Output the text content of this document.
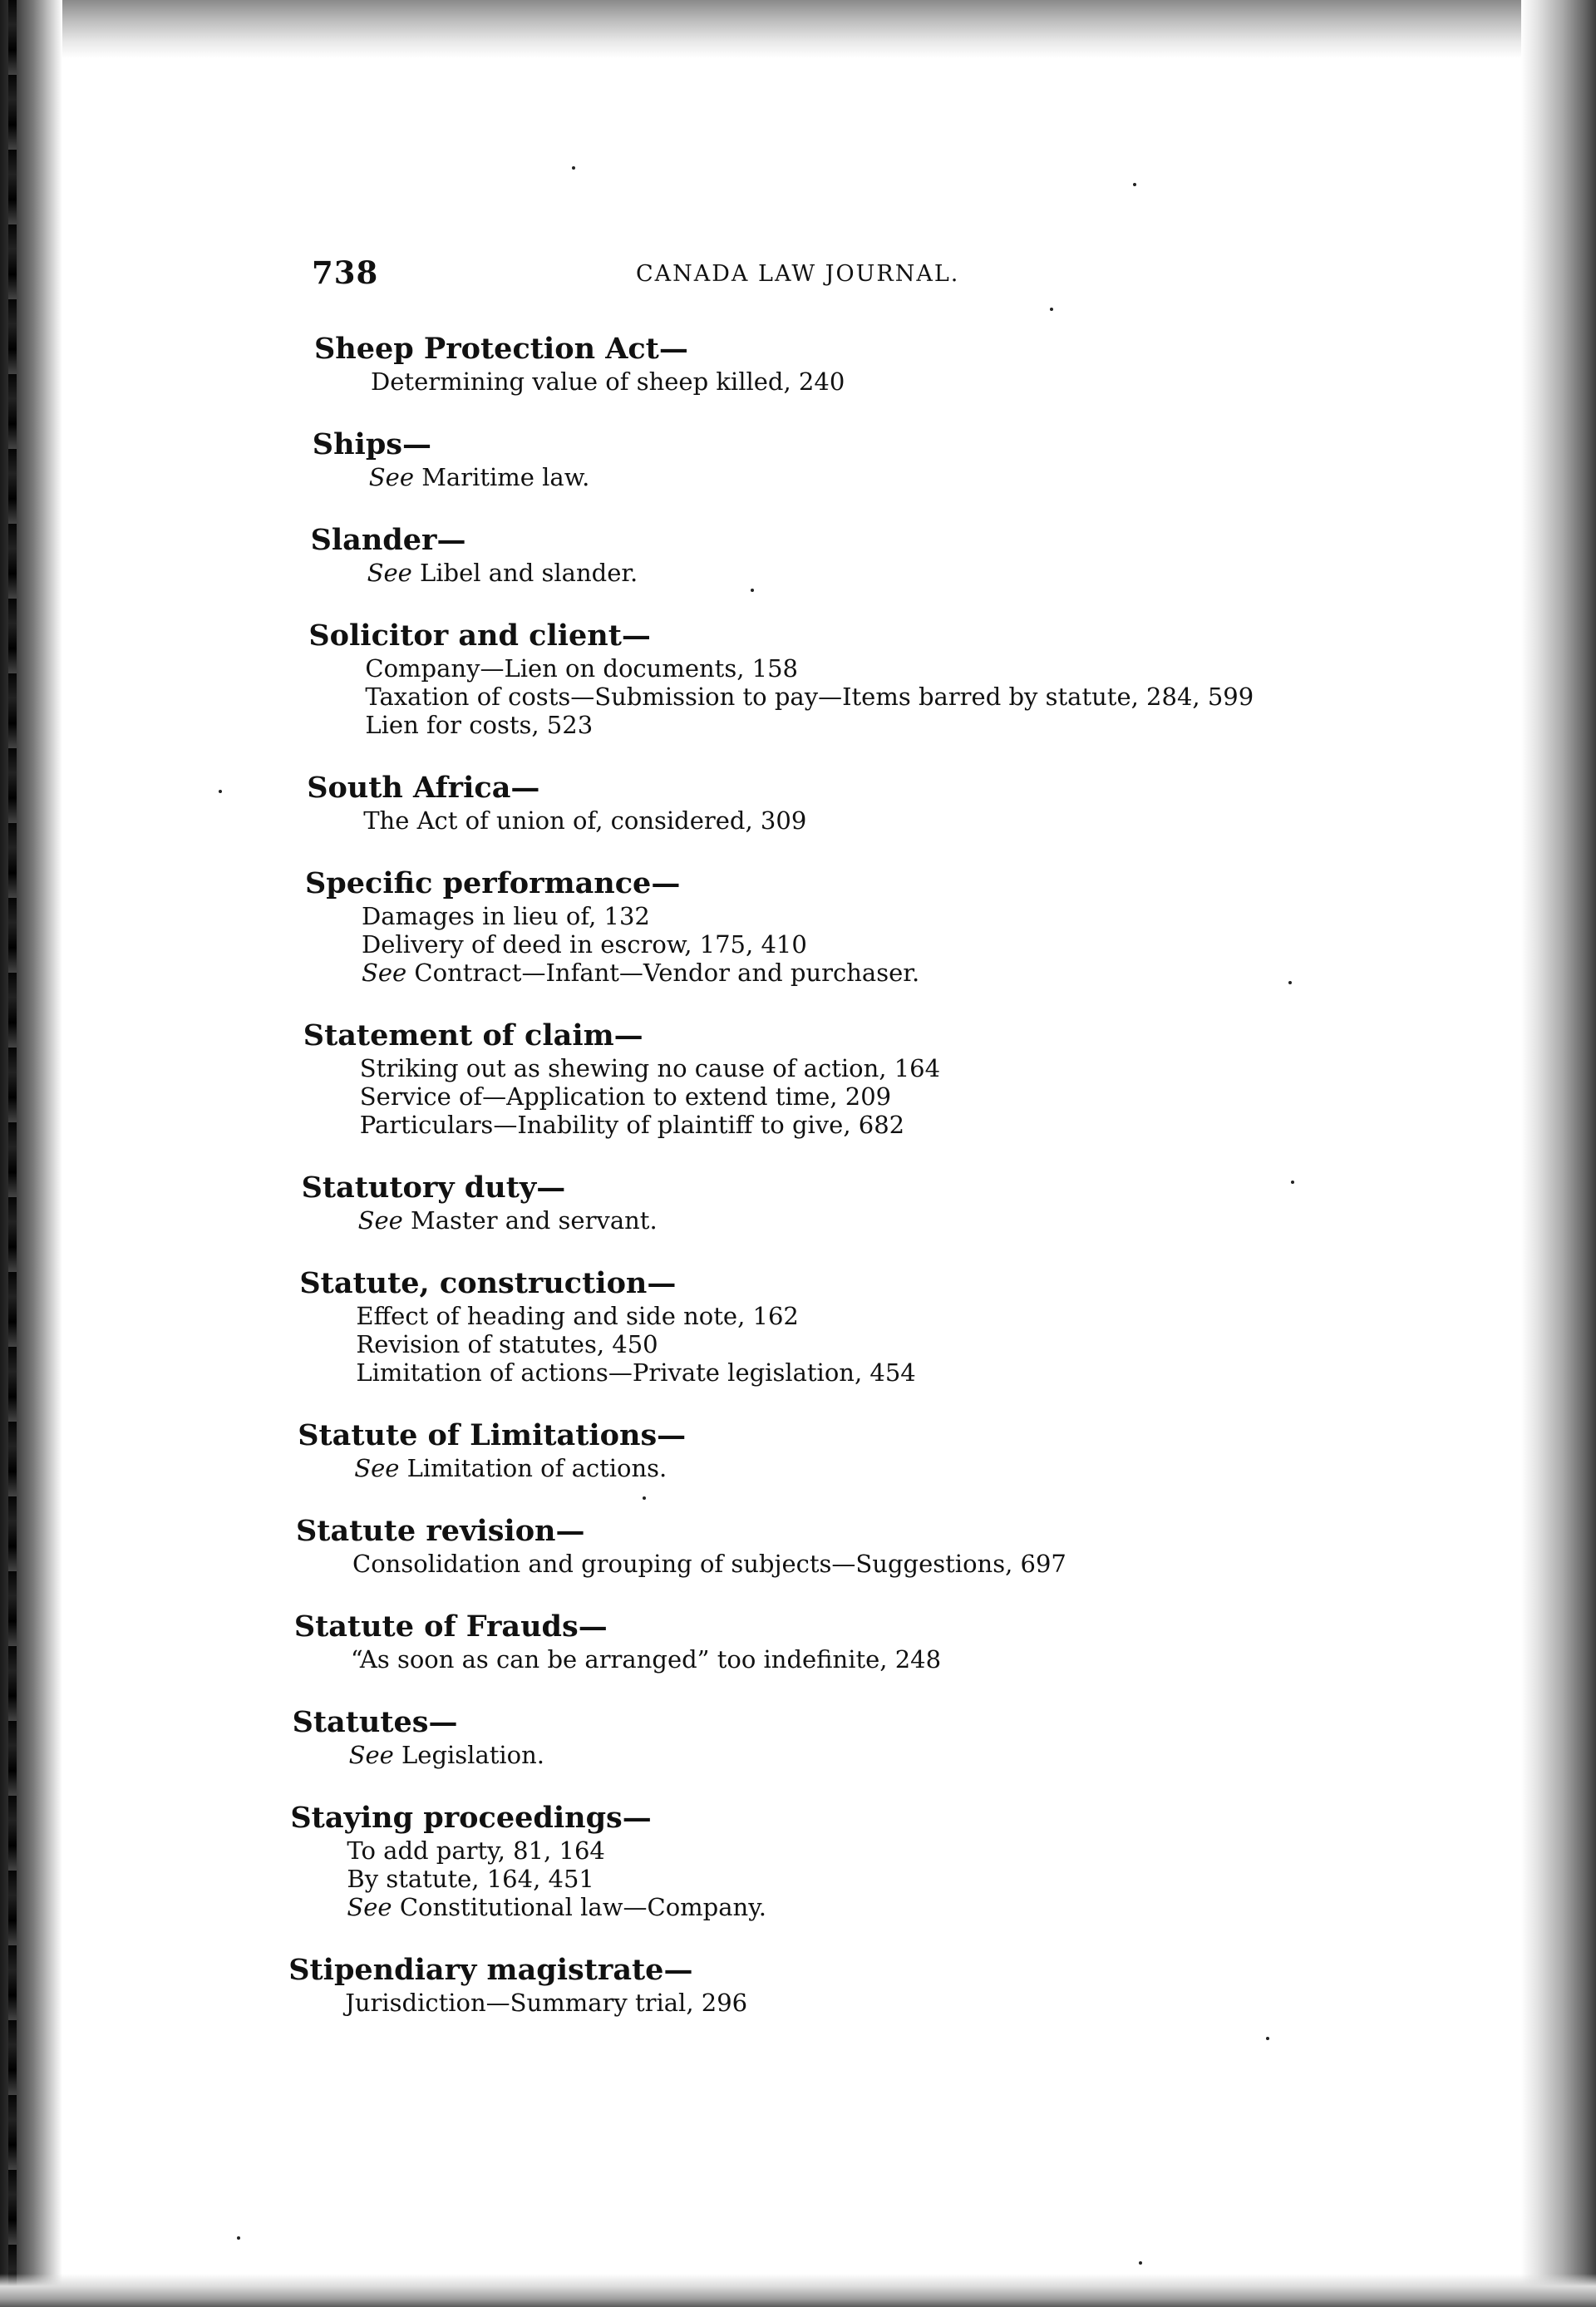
738	CANADA LAW JOURNAL.
Sheep Protection Act—
Determining value of sheep killed, 240
Ships—
See Maritime law.
Slander—
See Libel and slander.
Solicitor and client—
Company—Lien on documents, 158
Taxation of costs—Submission to pay—Items barred by statute, 284, 599
Lien for costs, 523
South Africa—
The Act of union of, considered, 309
Specific performance—
Damages in lieu of, 132
Delivery of deed in escrow, 175, 410
See Contract—Infant—Vendor and purchaser.
Statement of claim—
Striking out as shewing no cause of action, 164
Service of—Application to extend time, 209
Particulars—Inability of plaintiff to give, 682
Statutory duty—
See Master and servant.
Statute, construction—
Effect of heading and side note, 162
Revision of statutes, 450
Limitation of actions—Private legislation, 454
Statute of Limitations—
See Limitation of actions.
Statute revision—
Consolidation and grouping of subjects—Suggestions, 697
Statute of Frauds—
“As soon as can be arranged” too indefinite, 248
Statutes—
See Legislation.
Staying proceedings—
To add party, 81, 164
By statute, 164, 451
See Constitutional law—Company.
Stipendiary magistrate—
Jurisdiction—Summary trial, 296
